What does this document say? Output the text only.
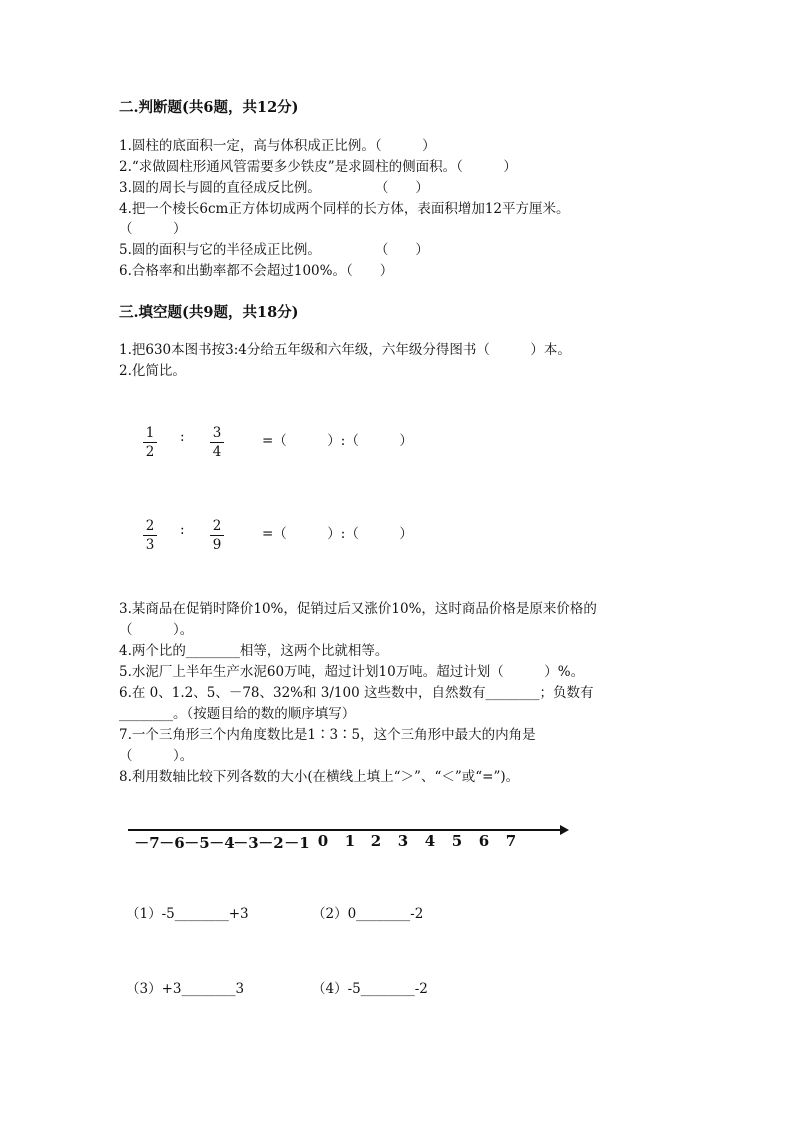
二.判断题(共6题，共12分)
1.圆柱的底面积一定，高与体积成正比例。（　　　）
2.“求做圆柱形通风管需要多少铁皮”是求圆柱的侧面积。（　　　）
3.圆的周长与圆的直径成反比例。　　　　　（　　）
4.把一个棱长6cm正方体切成两个同样的长方体，表面积增加12平方厘米。
（　　　）
5.圆的面积与它的半径成正比例。　　　　　（　　）
6.合格率和出勤率都不会超过100%。（　　）
三.填空题(共9题，共18分)
1.把630本图书按3:4分给五年级和六年级，六年级分得图书（　　　）本。
2.化简比。
1
2
: 3
4
=（　　　）:（　　　）
2
3
: 2
9
=（　　　）:（　　　）
3.某商品在促销时降价10%，促销过后又涨价10%，这时商品价格是原来价格的
（　　　）。
4.两个比的________相等，这两个比就相等。
5.水泥厂上半年生产水泥60万吨，超过计划10万吨。超过计划（　　　）%。
6.在 0、1.2、5、－78、32%和 3/100 这些数中，自然数有________；负数有
________。（按题目给的数的顺序填写）
7.一个三角形三个内角度数比是1∶3∶5，这个三角形中最大的内角是
（　　　）。
8.利用数轴比较下列各数的大小(在横线上填上“＞”、“＜”或“=”)。
－7 －6 －5 －4
－3 －2 －1 0	1	2	3	4	5	6	7
（1）-5________+3	（2）0________-2
（3）+3________3	（4）-5________-2
